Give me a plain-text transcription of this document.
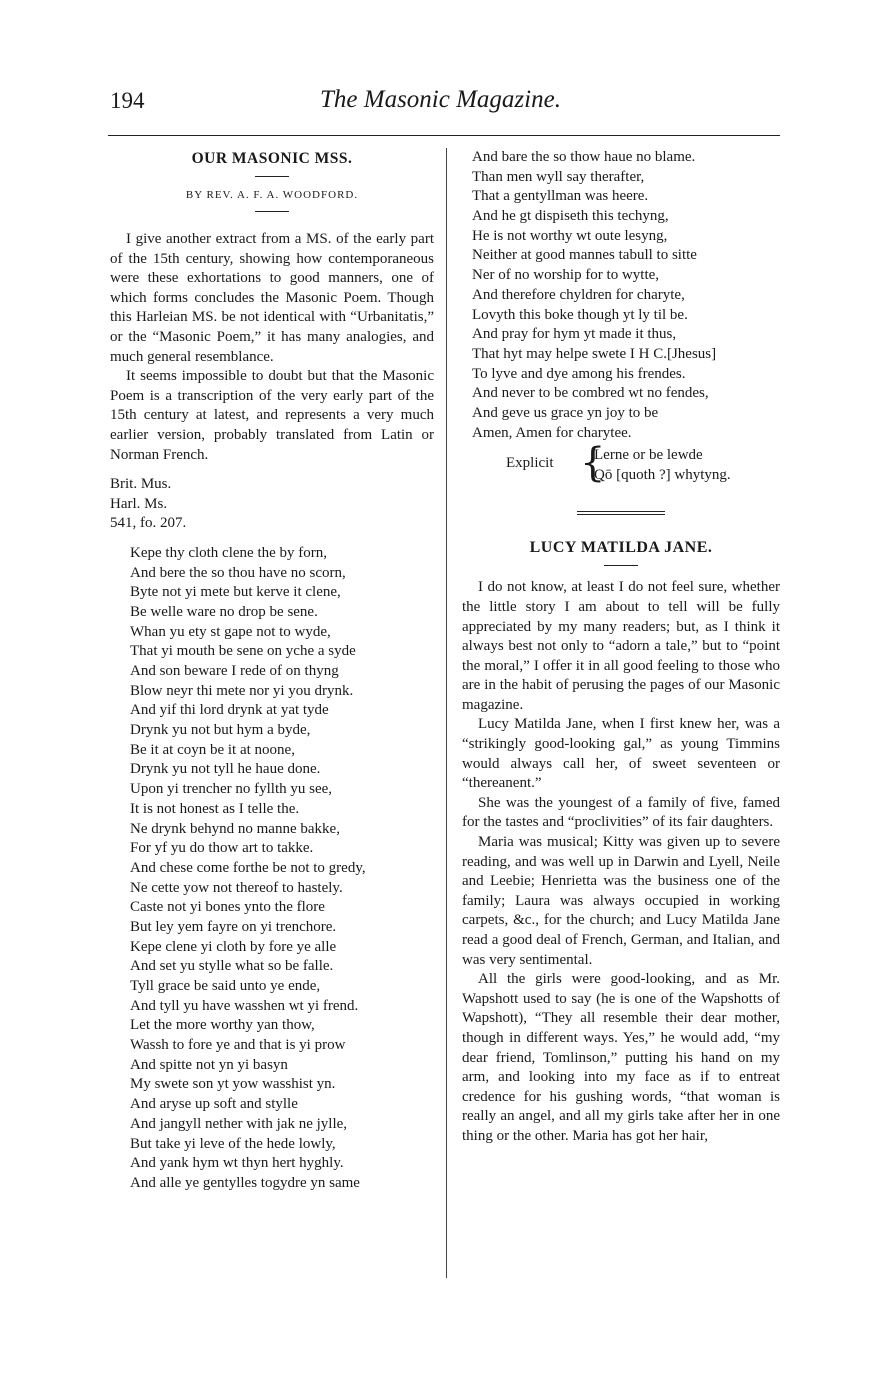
194	The Masonic Magazine.
OUR MASONIC MSS.
BY REV. A. F. A. WOODFORD.

I give another extract from a MS. of the early part of the 15th century, showing how contemporaneous were these exhortations to good manners, one of which forms concludes the Masonic Poem. Though this Harleian MS. be not identical with “Urbanitatis,” or the “Masonic Poem,” it has many analogies, and much general resemblance.

It seems impossible to doubt but that the Masonic Poem is a transcription of the very early part of the 15th century at latest, and represents a very much earlier version, probably translated from Latin or Norman French.

Brit. Mus.
Harl. Ms.
541, fo. 207.
Kepe thy cloth clene the by forn,
And bere the so thou have no scorn,
Byte not yi mete but kerve it clene,
Be welle ware no drop be sene.
Whan yu ety st gape not to wyde,
That yi mouth be sene on yche a syde
And son beware I rede of on thyng
Blow neyr thi mete nor yi you drynk.
And yif thi lord drynk at yat tyde
Drynk yu not but hym a byde,
Be it at coyn be it at noone,
Drynk yu not tyll he haue done.
Upon yi trencher no fyllth yu see,
It is not honest as I telle the.
Ne drynk behynd no manne bakke,
For yf yu do thow art to takke.
And chese come forthe be not to gredy,
Ne cette yow not thereof to hastely.
Caste not yi bones ynto the flore
But ley yem fayre on yi trenchore.
Kepe clene yi cloth by fore ye alle
And set yu stylle what so be falle.
Tyll grace be said unto ye ende,
And tyll yu have wasshen wt yi frend.
Let the more worthy yan thow,
Wassh to fore ye and that is yi prow
And spitte not yn yi basyn
My swete son yt yow wasshist yn.
And aryse up soft and stylle
And jangyll nether with jak ne jylle,
But take yi leve of the hede lowly,
And yank hym wt thyn hert hyghly.
And alle ye gentylles togydre yn same
And bare the so thow haue no blame.
Than men wyll say therafter,
That a gentyllman was heere.
And he gt dispiseth this techyng,
He is not worthy wt oute lesyng,
Neither at good mannes tabull to sitte
Ner of no worship for to wytte,
And therefore chyldren for charyte,
Lovyth this boke though yt ly til be.
And pray for hym yt made it thus,
That hyt may helpe swete I H C.[Jhesus]
To lyve and dye among his frendes.
And never to be combred wt no fendes,
And geve us grace yn joy to be
Amen, Amen for charytee.
Explicit {
Lerne or be lewde
Qō [quoth ?] whytyng.
LUCY MATILDA JANE.

I do not know, at least I do not feel sure, whether the little story I am about to tell will be fully appreciated by my many readers; but, as I think it always best not only to “adorn a tale,” but to “point the moral,” I offer it in all good feeling to those who are in the habit of perusing the pages of our Masonic magazine.

Lucy Matilda Jane, when I first knew her, was a “strikingly good-looking gal,” as young Timmins would always call her, of sweet seventeen or “thereanent.”

She was the youngest of a family of five, famed for the tastes and “proclivities” of its fair daughters.

Maria was musical; Kitty was given up to severe reading, and was well up in Darwin and Lyell, Neile and Leebie; Henrietta was the business one of the family; Laura was always occupied in working carpets, &c., for the church; and Lucy Matilda Jane read a good deal of French, German, and Italian, and was very sentimental.

All the girls were good-looking, and as Mr. Wapshott used to say (he is one of the Wapshotts of Wapshott), “They all resemble their dear mother, though in different ways. Yes,” he would add, “my dear friend, Tomlinson,” putting his hand on my arm, and looking into my face as if to entreat credence for his gushing words, “that woman is really an angel, and all my girls take after her in one thing or the other. Maria has got her hair,
